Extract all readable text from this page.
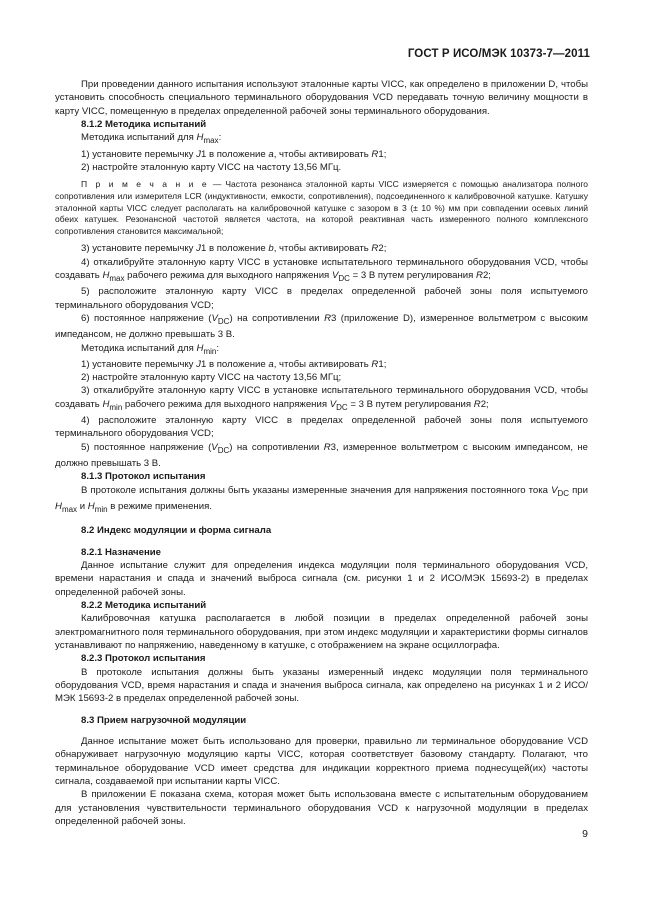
ГОСТ Р ИСО/МЭК 10373-7—2011

При проведении данного испытания используют эталонные карты VICC, как определено в приложении D, чтобы установить способность специального терминального оборудования VCD передавать точную величину мощности в карту VICC, помещенную в пределах определенной рабочей зоны терминального оборудования.

8.1.2 Методика испытаний

Методика испытаний для $H_{max}$:

1) установите перемычку J1 в положение a, чтобы активировать R1;

2) настройте эталонную карту VICC на частоту 13,56 МГц.

П р и м е ч а н и е — Частота резонанса эталонной карты VICC измеряется с помощью анализатора полного сопротивления или измерителя LCR (индуктивности, емкости, сопротивления), подсоединенного к калибровочной катушке. Катушку эталонной карты VICC следует располагать на калибровочной катушке с зазором в 3 (± 10 %) мм при совпадении осевых линий обеих катушек. Резонансной частотой является частота, на которой реактивная часть измеренного полного комплексного сопротивления становится максимальной;

3) установите перемычку J1 в положение b, чтобы активировать R2;

4) откалибруйте эталонную карту VICC в установке испытательного терминального оборудования VCD, чтобы создавать $H_{max}$ рабочего режима для выходного напряжения $V_{DC} = 3$ В путем регулирования R2;

5) расположите эталонную карту VICC в пределах определенной рабочей зоны поля испытуемого терминального оборудования VCD;

6) постоянное напряжение $(V_{DC})$ на сопротивлении R3 (приложение D), измеренное вольтметром с высоким импедансом, не должно превышать 3 В.

Методика испытаний для $H_{min}$:

1) установите перемычку J1 в положение a, чтобы активировать R1;

2) настройте эталонную карту VICC на частоту 13,56 МГц;

3) откалибруйте эталонную карту VICC в установке испытательного терминального оборудования VCD, чтобы создавать $H_{min}$ рабочего режима для выходного напряжения $V_{DC} = 3$ В путем регулирования R2;

4) расположите эталонную карту VICC в пределах определенной рабочей зоны поля испытуемого терминального оборудования VCD;

5) постоянное напряжение $(V_{DC})$ на сопротивлении R3, измеренное вольтметром с высоким импедансом, не должно превышать 3 В.

8.1.3 Протокол испытания

В протоколе испытания должны быть указаны измеренные значения для напряжения постоянного тока $V_{DC}$ при $H_{max}$ и $H_{min}$ в режиме применения.

8.2 Индекс модуляции и форма сигнала

8.2.1 Назначение

Данное испытание служит для определения индекса модуляции поля терминального оборудования VCD, времени нарастания и спада и значений выброса сигнала (см. рисунки 1 и 2 ИСО/МЭК 15693-2) в пределах определенной рабочей зоны.

8.2.2 Методика испытаний

Калибровочная катушка располагается в любой позиции в пределах определенной рабочей зоны электромагнитного поля терминального оборудования, при этом индекс модуляции и характеристики формы сигналов устанавливают по напряжению, наведенному в катушке, с отображением на экране осциллографа.

8.2.3 Протокол испытания

В протоколе испытания должны быть указаны измеренный индекс модуляции поля терминального оборудования VCD, время нарастания и спада и значения выброса сигнала, как определено на рисунках 1 и 2 ИСО/МЭК 15693-2 в пределах определенной рабочей зоны.

8.3 Прием нагрузочной модуляции

Данное испытание может быть использовано для проверки, правильно ли терминальное оборудование VCD обнаруживает нагрузочную модуляцию карты VICC, которая соответствует базовому стандарту. Полагают, что терминальное оборудование VCD имеет средства для индикации корректного приема поднесущей(их) частоты сигнала, создаваемой при испытании карты VICC.

В приложении E показана схема, которая может быть использована вместе с испытательным оборудованием для установления чувствительности терминального оборудования VCD к нагрузочной модуляции в пределах определенной рабочей зоны.

9
